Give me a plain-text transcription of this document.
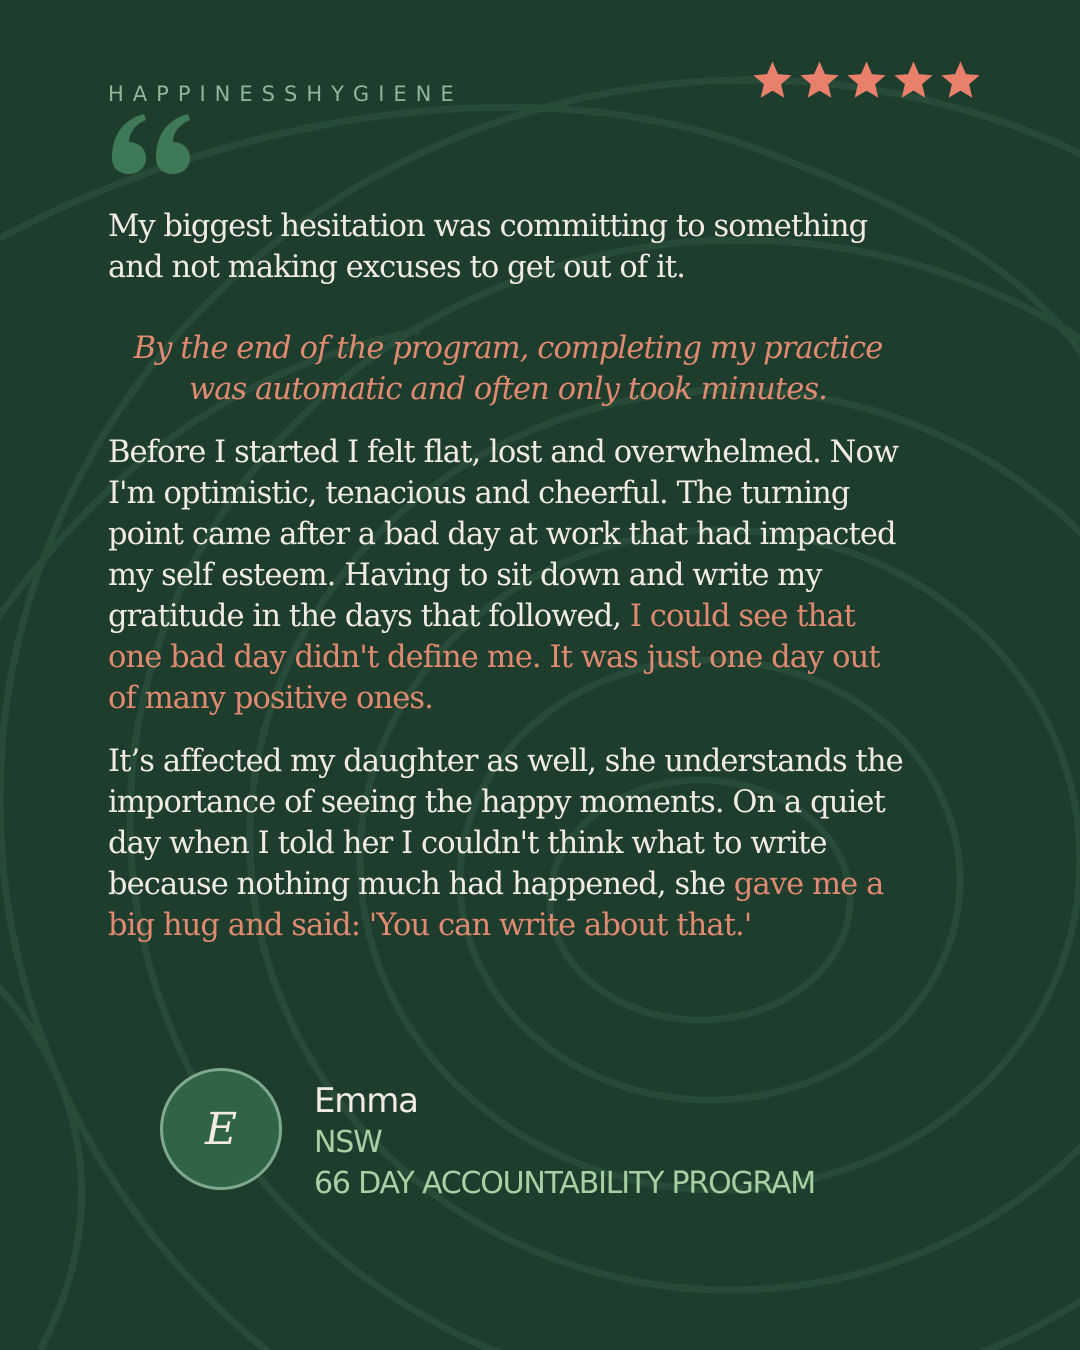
HAPPINESSHYGIENE

My biggest hesitation was committing to something and not making excuses to get out of it.

By the end of the program, completing my practice was automatic and often only took minutes.

Before I started I felt flat, lost and overwhelmed. Now I'm optimistic, tenacious and cheerful. The turning point came after a bad day at work that had impacted my self esteem. Having to sit down and write my gratitude in the days that followed, I could see that one bad day didn't define me. It was just one day out of many positive ones.

It’s affected my daughter as well, she understands the importance of seeing the happy moments. On a quiet day when I told her I couldn't think what to write because nothing much had happened, she gave me a big hug and said: 'You can write about that.'

E
Emma
NSW
66 DAY ACCOUNTABILITY PROGRAM
